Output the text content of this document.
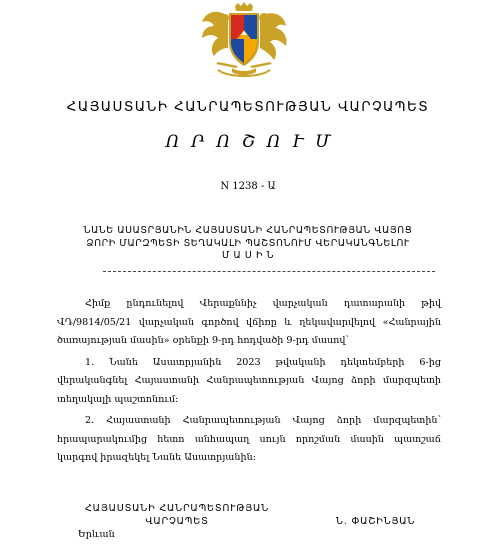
ՀԱՅԱՍՏԱՆԻ ՀԱՆՐԱՊԵՏՈՒԹՅԱՆ ՎԱՐՉԱՊԵՏ
ՈՐՈՇՈՒՄ
N 1238 - Ա
ՆԱՆԵ ԱՍԱՏՐՅԱՆԻՆ ՀԱՅԱՍՏԱՆԻ ՀԱՆՐԱՊԵՏՈՒԹՅԱՆ ՎԱՅՈՑ
ՁՈՐԻ ՄԱՐԶՊԵՏԻ ՏԵՂԱԿԱԼԻ ՊԱՇՏՈՆՈՒՄ ՎԵՐԱԿԱՆԳՆԵԼՈՒ
Մ Ա Ս Ի Ն

Հիմք ընդունելով Վերաքննիչ վարչական դատարանի թիվ ՎԴ/9814/05/21 վարչական գործով վճիռը և ղեկավարվելով «Հանրային ծառայության մասին» օրենքի 9-րդ հոդվածի 9-րդ մասով՝

1. Նանե Ասատրյանին 2023 թվականի դեկտեմբերի 6-ից վերականգնել Հայաստանի Հանրապետության Վայոց ձորի մարզպետի տեղակալի պաշտոնում:

2. Հայաստանի Հանրապետության Վայոց ձորի մարզպետին՝ հրապարակումից հետո անհապաղ սույն որոշման մասին պատշաճ կարգով իրազեկել Նանե Ասատրյանին:

ՀԱՅԱՍՏԱՆԻ ՀԱՆՐԱՊԵՏՈՒԹՅԱՆ
ՎԱՐՉԱՊԵՏ	Ն. ՓԱՇԻՆՅԱՆ
Երևան
